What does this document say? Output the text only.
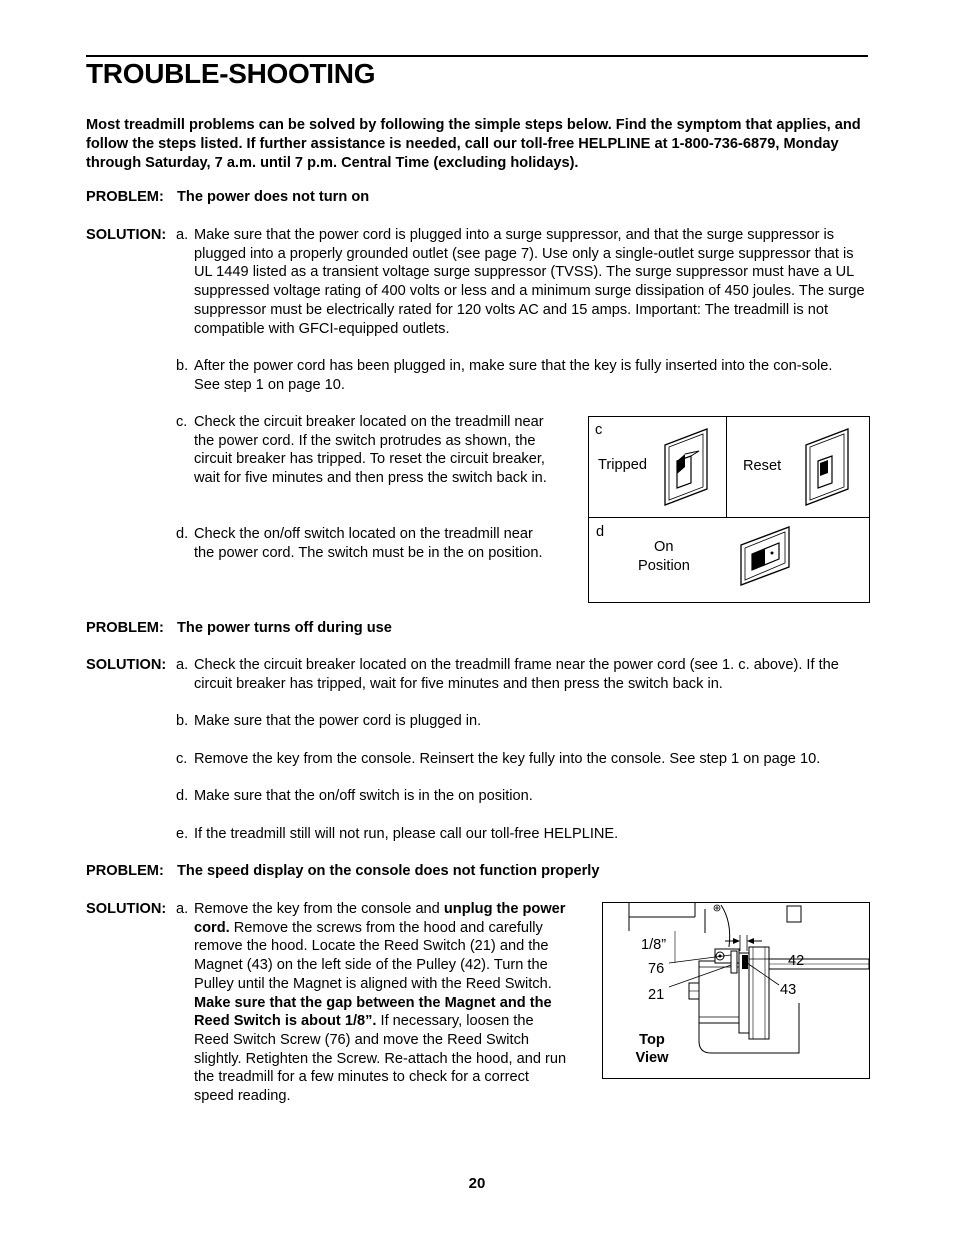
TROUBLE-SHOOTING
Most treadmill problems can be solved by following the simple steps below. Find the symptom that applies, and follow the steps listed. If further assistance is needed, call our toll-free HELPLINE at 1-800-736-6879, Monday through Saturday, 7 a.m. until 7 p.m. Central Time (excluding holidays).
PROBLEM: The power does not turn on
SOLUTION: a. Make sure that the power cord is plugged into a surge suppressor, and that the surge suppressor is plugged into a properly grounded outlet (see page 7). Use only a single-outlet surge suppressor that is UL 1449 listed as a transient voltage surge suppressor (TVSS). The surge suppressor must have a UL suppressed voltage rating of 400 volts or less and a minimum surge dissipation of 450 joules. The surge suppressor must be electrically rated for 120 volts AC and 15 amps. Important: The treadmill is not compatible with GFCI-equipped outlets.
b. After the power cord has been plugged in, make sure that the key is fully inserted into the con-sole. See step 1 on page 10.
c. Check the circuit breaker located on the treadmill near the power cord. If the switch protrudes as shown, the circuit breaker has tripped. To reset the circuit breaker, wait for five minutes and then press the switch back in.
d. Check the on/off switch located on the treadmill near the power cord. The switch must be in the on position.
c
Tripped	Reset
d
On
Position
PROBLEM: The power turns off during use
SOLUTION: a. Check the circuit breaker located on the treadmill frame near the power cord (see 1. c. above). If the circuit breaker has tripped, wait for five minutes and then press the switch back in.
b. Make sure that the power cord is plugged in.
c. Remove the key from the console. Reinsert the key fully into the console. See step 1 on page 10.
d. Make sure that the on/off switch is in the on position.
e. If the treadmill still will not run, please call our toll-free HELPLINE.
PROBLEM: The speed display on the console does not function properly
SOLUTION: a. Remove the key from the console and unplug the power cord. Remove the screws from the hood and carefully remove the hood. Locate the Reed Switch (21) and the Magnet (43) on the left side of the Pulley (42). Turn the Pulley until the Magnet is aligned with the Reed Switch. Make sure that the gap between the Magnet and the Reed Switch is about 1/8”. If necessary, loosen the Reed Switch Screw (76) and move the Reed Switch slightly. Retighten the Screw. Re-attach the hood, and run the treadmill for a few minutes to check for a correct speed reading.
1/8”
76
21
42
43
Top
View
20
